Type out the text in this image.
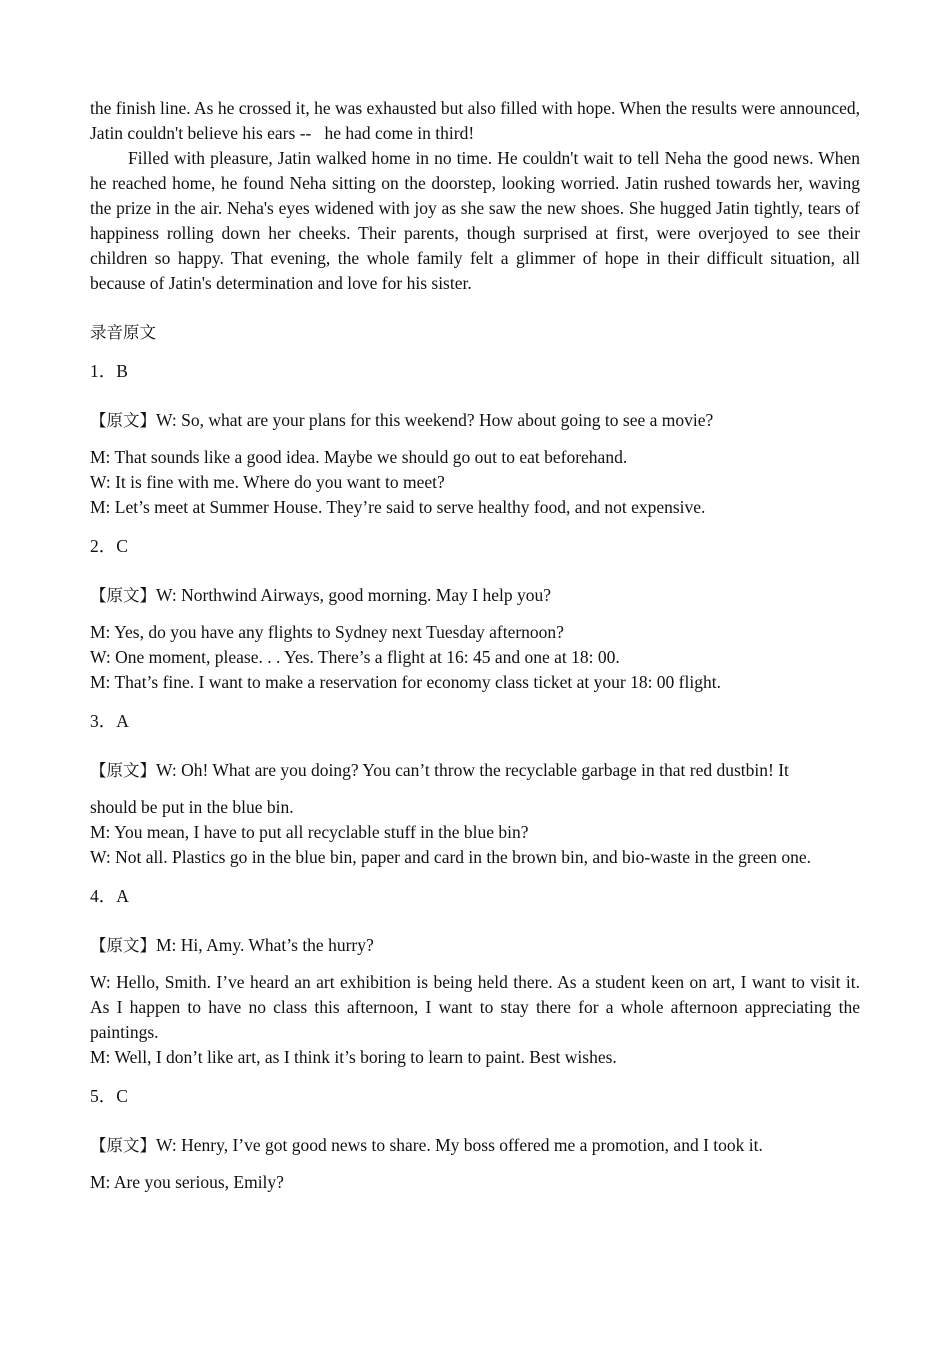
the finish line. As he crossed it, he was exhausted but also filled with hope. When the results were announced, Jatin couldn't believe his ears --   he had come in third!

Filled with pleasure, Jatin walked home in no time. He couldn't wait to tell Neha the good news. When he reached home, he found Neha sitting on the doorstep, looking worried. Jatin rushed towards her, waving the prize in the air. Neha's eyes widened with joy as she saw the new shoes. She hugged Jatin tightly, tears of happiness rolling down her cheeks. Their parents, though surprised at first, were overjoyed to see their children so happy. That evening, the whole family felt a glimmer of hope in their difficult situation, all because of Jatin's determination and love for his sister.

录音原文

1．B

【原文】W: So, what are your plans for this weekend? How about going to see a movie?

M: That sounds like a good idea. Maybe we should go out to eat beforehand.

W: It is fine with me. Where do you want to meet?

M: Let’s meet at Summer House. They’re said to serve healthy food, and not expensive.

2．C

【原文】W: Northwind Airways, good morning. May I help you?

M: Yes, do you have any flights to Sydney next Tuesday afternoon?

W: One moment, please. . . Yes. There’s a flight at 16: 45 and one at 18: 00.

M: That’s fine. I want to make a reservation for economy class ticket at your 18: 00 flight.

3．A

【原文】W: Oh! What are you doing? You can’t throw the recyclable garbage in that red dustbin! It

should be put in the blue bin.

M: You mean, I have to put all recyclable stuff in the blue bin?

W: Not all. Plastics go in the blue bin, paper and card in the brown bin, and bio-waste in the green one.

4．A

【原文】M: Hi, Amy. What’s the hurry?

W: Hello, Smith. I’ve heard an art exhibition is being held there. As a student keen on art, I want to visit it. As I happen to have no class this afternoon, I want to stay there for a whole afternoon appreciating the paintings.

M: Well, I don’t like art, as I think it’s boring to learn to paint. Best wishes.

5．C

【原文】W: Henry, I’ve got good news to share. My boss offered me a promotion, and I took it.

M: Are you serious, Emily?
